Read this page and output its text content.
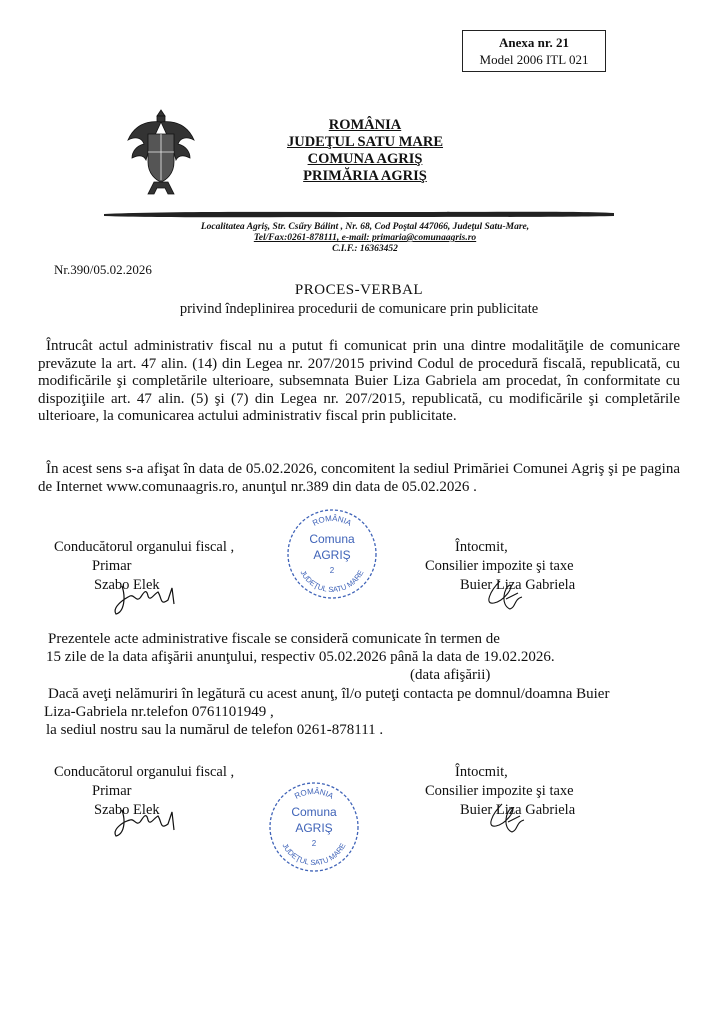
Anexa nr. 21
Model 2006 ITL 021
ROMÂNIA
JUDEŢUL SATU MARE
COMUNA AGRIŞ
PRIMĂRIA AGRIŞ
Localitatea Agriş, Str. Csűry Bálint , Nr. 68, Cod Poştal 447066, Judeţul Satu-Mare,
Tel/Fax:0261-878111, e-mail: primaria@comunaagris.ro
C.I.F.: 16363452
Nr.390/05.02.2026
PROCES-VERBAL
privind îndeplinirea procedurii de comunicare prin publicitate
Întrucât actul administrativ fiscal nu a putut fi comunicat prin una dintre modalităţile de comunicare prevăzute la art. 47 alin. (14) din Legea nr. 207/2015 privind Codul de procedură fiscală, republicată, cu modificările şi completările ulterioare, subsemnata Buier Liza Gabriela am procedat, în conformitate cu dispoziţiile art. 47 alin. (5) şi (7) din Legea nr. 207/2015, republicată, cu modificările şi completările ulterioare, la comunicarea actului administrativ fiscal prin publicitate.
În acest sens s-a afişat în data de 05.02.2026, concomitent la sediul Primăriei Comunei Agriş şi pe pagina de Internet www.comunaagris.ro, anunţul nr.389 din data de 05.02.2026 .
Conducătorul organului fiscal ,
Primar
Szabo Elek
ROMÂNIA
Comuna
AGRIŞ
2
JUDEŢUL SATU MARE
Întocmit,
Consilier impozite şi taxe
Buier Liza Gabriela
Prezentele acte administrative fiscale se consideră comunicate în termen de
15 zile de la data afişării anunţului, respectiv 05.02.2026 până la data de 19.02.2026.
(data afişării)
Dacă aveţi nelămuriri în legătură cu acest anunţ, îl/o puteţi contacta pe domnul/doamna Buier
Liza-Gabriela nr.telefon 0761101949 ,
la sediul nostru sau la numărul de telefon 0261-878111 .
Conducătorul organului fiscal ,
Primar
Szabo Elek
ROMÂNIA
Comuna
AGRIŞ
2
JUDEŢUL SATU MARE
Întocmit,
Consilier impozite şi taxe
Buier Liza Gabriela
